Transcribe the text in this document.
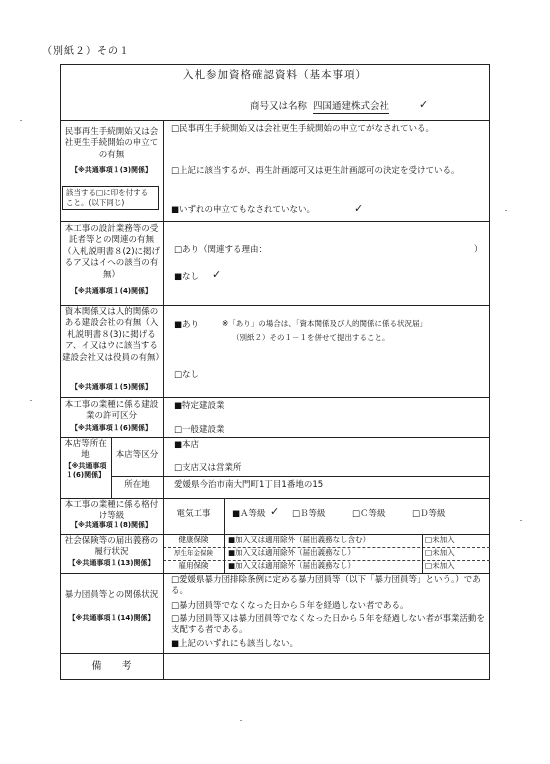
（別紙２）その１
入札参加資格確認資料（基本事項）
商号又は名称 四国通建株式会社	✓
民事再生手続開始又は会社更生手続開始の申立ての有無
【※共通事項１(3)関係】
該当する□に印を付すること。(以下同じ)
□民事再生手続開始又は会社更生手続開始の申立てがなされている。
□上記に該当するが、再生計画認可又は更生計画認可の決定を受けている。
■いずれの申立てもなされていない。	✓
本工事の設計業務等の受託者等との関連の有無（入札説明書８(2)に掲げるア又はイへの該当の有無）
【※共通事項１(4)関係】
□あり（関連する理由：	）
■なし ✓
資本関係又は人的関係のある建設会社の有無（入札説明書８(3)に掲げるア、イ又はウに該当する建設会社又は役員の有無）
【※共通事項１(5)関係】
■あり	※「あり」の場合は、「資本関係及び人的関係に係る状況届」
（別紙２）その１－１を併せて提出すること。
□なし
本工事の業種に係る建設業の許可区分
【※共通事項１(6)関係】
■特定建設業
□一般建設業
本店等所在地
【※共通事項１(6)関係】
本店等区分
■本店
□支店又は営業所
所在地	愛媛県今治市南大門町1丁目1番地の15
本工事の業種に係る格付け等級
【※共通事項１(8)関係】
電気工事	■Ａ等級	□Ｂ等級	□Ｃ等級	□Ｄ等級
✓
社会保険等の届出義務の履行状況
【※共通事項１(13)関係】
健康保険	■加入又は適用除外（届出義務なし含む）	□未加入
厚生年金保険	■加入又は適用除外（届出義務なし）	□未加入
雇用保険	■加入又は適用除外（届出義務なし）	□未加入
暴力団員等との関係状況
【※共通事項１(14)関係】
□愛媛県暴力団排除条例に定める暴力団員等（以下「暴力団員等」という。）である。
□暴力団員等でなくなった日から５年を経過しない者である。
□暴力団員等又は暴力団員等でなくなった日から５年を経過しない者が事業活動を支配する者である。
■上記のいずれにも該当しない。
備　　考
